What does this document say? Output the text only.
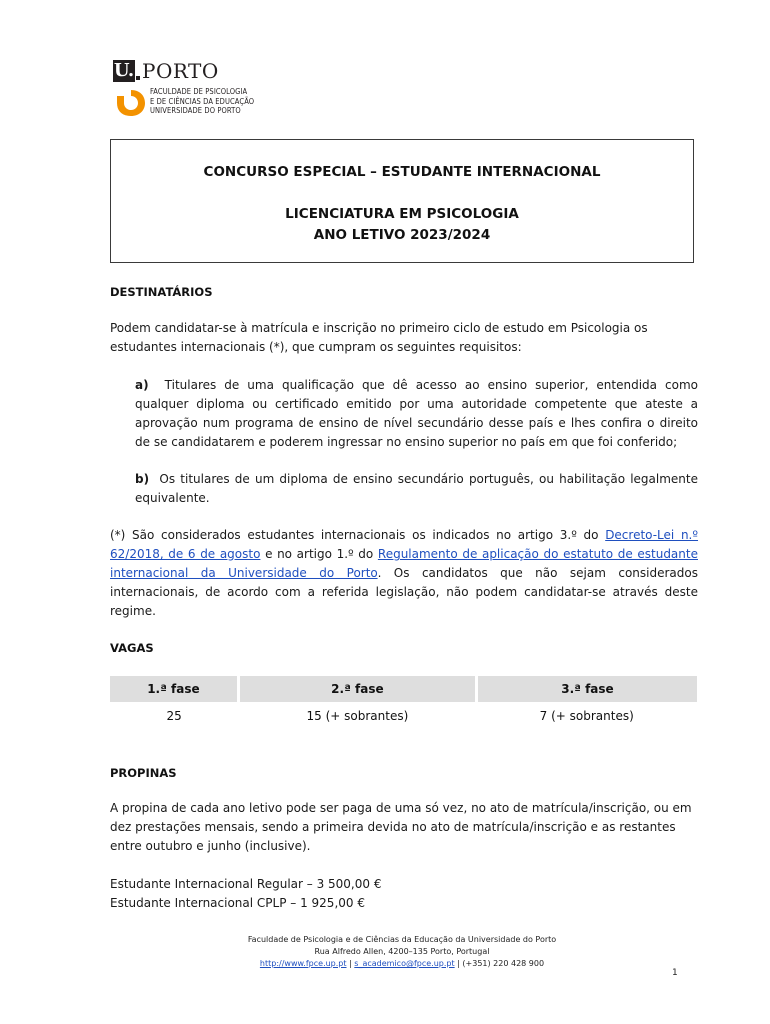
U. PORTO
FACULDADE DE PSICOLOGIA
E DE CIÊNCIAS DA EDUCAÇÃO
UNIVERSIDADE DO PORTO
CONCURSO ESPECIAL – ESTUDANTE INTERNACIONAL
LICENCIATURA EM PSICOLOGIA
ANO LETIVO 2023/2024
DESTINATÁRIOS
Podem candidatar-se à matrícula e inscrição no primeiro ciclo de estudo em Psicologia os estudantes internacionais (*), que cumpram os seguintes requisitos:
a) Titulares de uma qualificação que dê acesso ao ensino superior, entendida como qualquer diploma ou certificado emitido por uma autoridade competente que ateste a aprovação num programa de ensino de nível secundário desse país e lhes confira o direito de se candidatarem e poderem ingressar no ensino superior no país em que foi conferido;
b) Os titulares de um diploma de ensino secundário português, ou habilitação legalmente equivalente.
(*) São considerados estudantes internacionais os indicados no artigo 3.º do Decreto-Lei n.º 62/2018, de 6 de agosto e no artigo 1.º do Regulamento de aplicação do estatuto de estudante internacional da Universidade do Porto. Os candidatos que não sejam considerados internacionais, de acordo com a referida legislação, não podem candidatar-se através deste regime.
VAGAS
1.ª fase	2.ª fase	3.ª fase
25	15 (+ sobrantes)	7 (+ sobrantes)
PROPINAS
A propina de cada ano letivo pode ser paga de uma só vez, no ato de matrícula/inscrição, ou em dez prestações mensais, sendo a primeira devida no ato de matrícula/inscrição e as restantes entre outubro e junho (inclusive).
Estudante Internacional Regular – 3 500,00 €
Estudante Internacional CPLP – 1 925,00 €
Faculdade de Psicologia e de Ciências da Educação da Universidade do Porto
Rua Alfredo Allen, 4200–135 Porto, Portugal
http://www.fpce.up.pt | s_academico@fpce.up.pt | (+351) 220 428 900
1
